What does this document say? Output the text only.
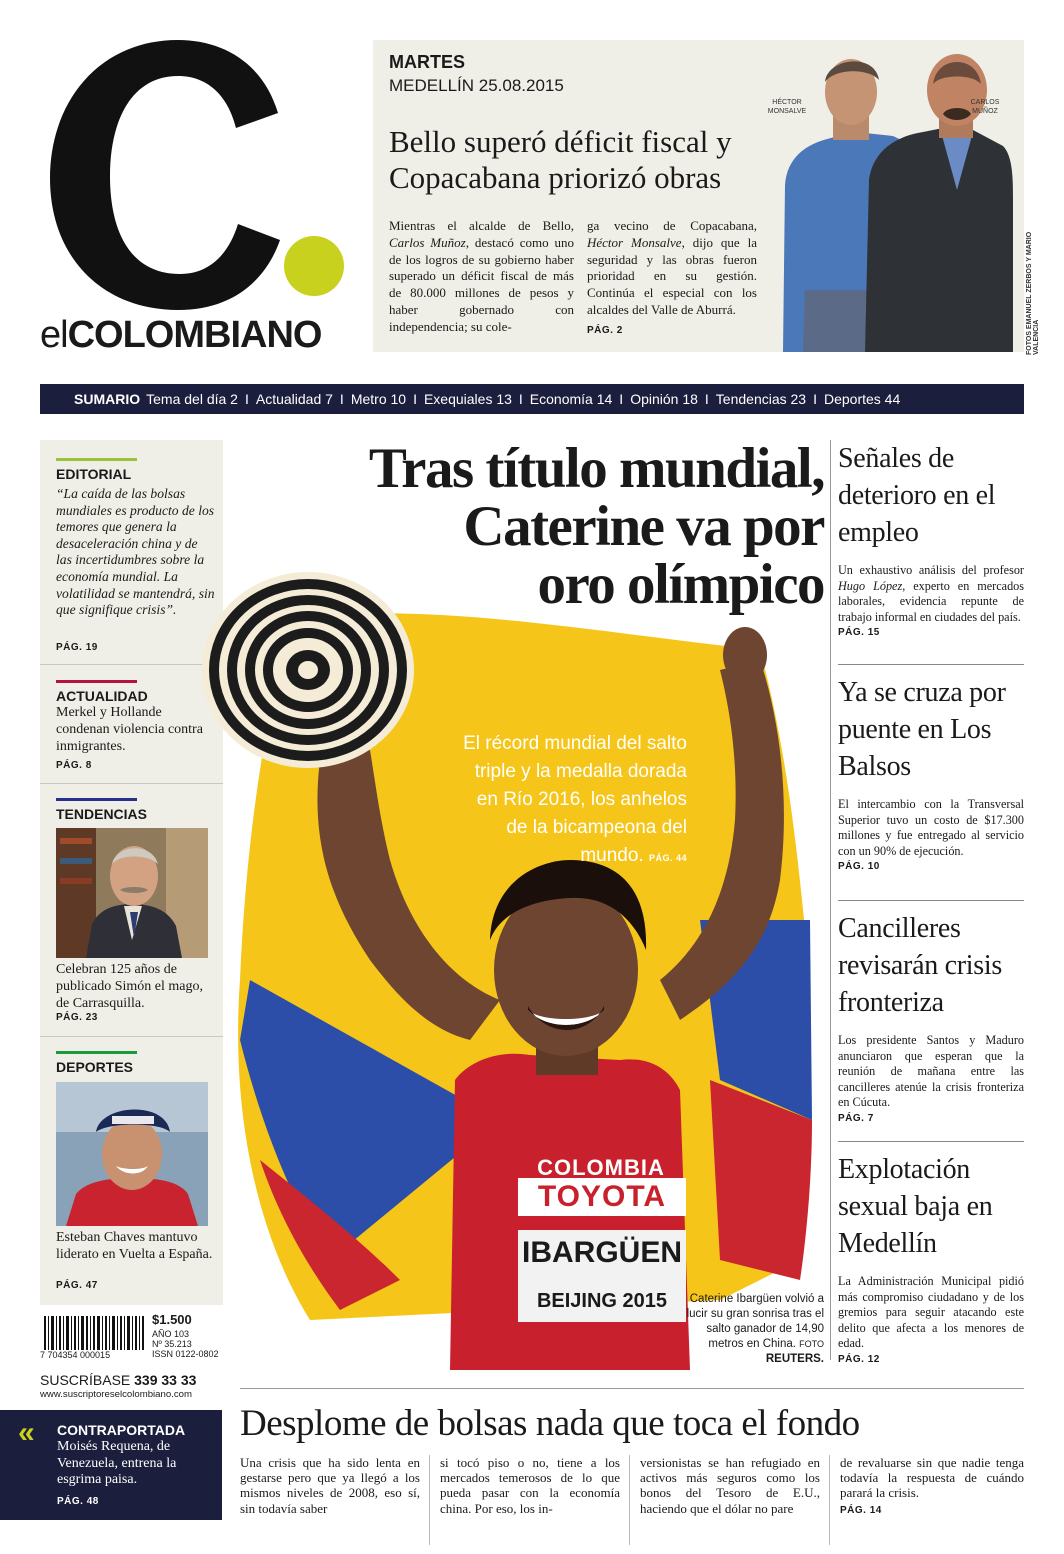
elCOLOMBIANO
MARTES
MEDELLÍN 25.08.2015
Bello superó déficit fiscal y Copacabana priorizó obras
Mientras el alcalde de Bello, Carlos Muñoz, destacó como uno de los logros de su gobierno haber superado un déficit fiscal de más de 80.000 millones de pesos y haber gobernado con independencia; su cole-
ga vecino de Copacabana, Héctor Monsalve, dijo que la seguridad y las obras fueron prioridad en su gestión. Continúa el especial con los alcaldes del Valle de Aburrá.
PÁG. 2
HÉCTOR MONSALVE
CARLOS MUÑOZ
FOTOS EMANUEL ZERBOS Y MARIO VALENCIA
SUMARIO Tema del día 2 I Actualidad 7 I Metro 10 I Exequiales 13 I Economía 14 I Opinión 18 I Tendencias 23 I Deportes 44
EDITORIAL
“La caída de las bolsas mundiales es producto de los temores que genera la desaceleración china y de las incertidumbres sobre la economía mundial. La volatilidad se mantendrá, sin que signifique crisis”.
PÁG. 19
ACTUALIDAD
Merkel y Hollande condenan violencia contra inmigrantes.
PÁG. 8
TENDENCIAS
Celebran 125 años de publicado Simón el mago, de Carrasquilla.
PÁG. 23
DEPORTES
Esteban Chaves mantuvo liderato en Vuelta a España.
PÁG. 47
Tras título mundial,
Caterine va por
oro olímpico
COLOMBIA
TOYOTA
IBARGÜEN
BEIJING 2015
El récord mundial del salto triple y la medalla dorada en Río 2016, los anhelos de la bicampeona del mundo. PÁG. 44
Caterine Ibargüen volvió a lucir su gran sonrisa tras el salto ganador de 14,90 metros en China. FOTO REUTERS.
Señales de deterioro en el empleo
Un exhaustivo análisis del profesor Hugo López, experto en mercados laborales, evidencia repunte de trabajo informal en ciudades del país.
PÁG. 15
Ya se cruza por puente en Los Balsos
El intercambio con la Transversal Superior tuvo un costo de $17.300 millones y fue entregado al servicio con un 90% de ejecución.
PÁG. 10
Cancilleres revisarán crisis fronteriza
Los presidente Santos y Maduro anunciaron que esperan que la reunión de mañana entre las cancilleres atenúe la crisis fronteriza en Cúcuta.
PÁG. 7
Explotación sexual baja en Medellín
La Administración Municipal pidió más compromiso ciudadano y de los gremios para seguir atacando este delito que afecta a los menores de edad.
PÁG. 12
7 704354 000015
$1.500
AÑO 103
Nº 35.213
ISSN 0122-0802
SUSCRÍBASE 339 33 33
www.suscriptoreselcolombiano.com
« CONTRAPORTADA
Moisés Requena, de Venezuela, entrena la esgrima paisa.
PÁG. 48
Desplome de bolsas nada que toca el fondo
Una crisis que ha sido lenta en gestarse pero que ya llegó a los mismos niveles de 2008, eso sí, sin todavía saber
si tocó piso o no, tiene a los mercados temerosos de lo que pueda pasar con la economía china. Por eso, los in-
versionistas se han refugiado en activos más seguros como los bonos del Tesoro de E.U., haciendo que el dólar no pare
de revaluarse sin que nadie tenga todavía la respuesta de cuándo parará la crisis.
PÁG. 14
